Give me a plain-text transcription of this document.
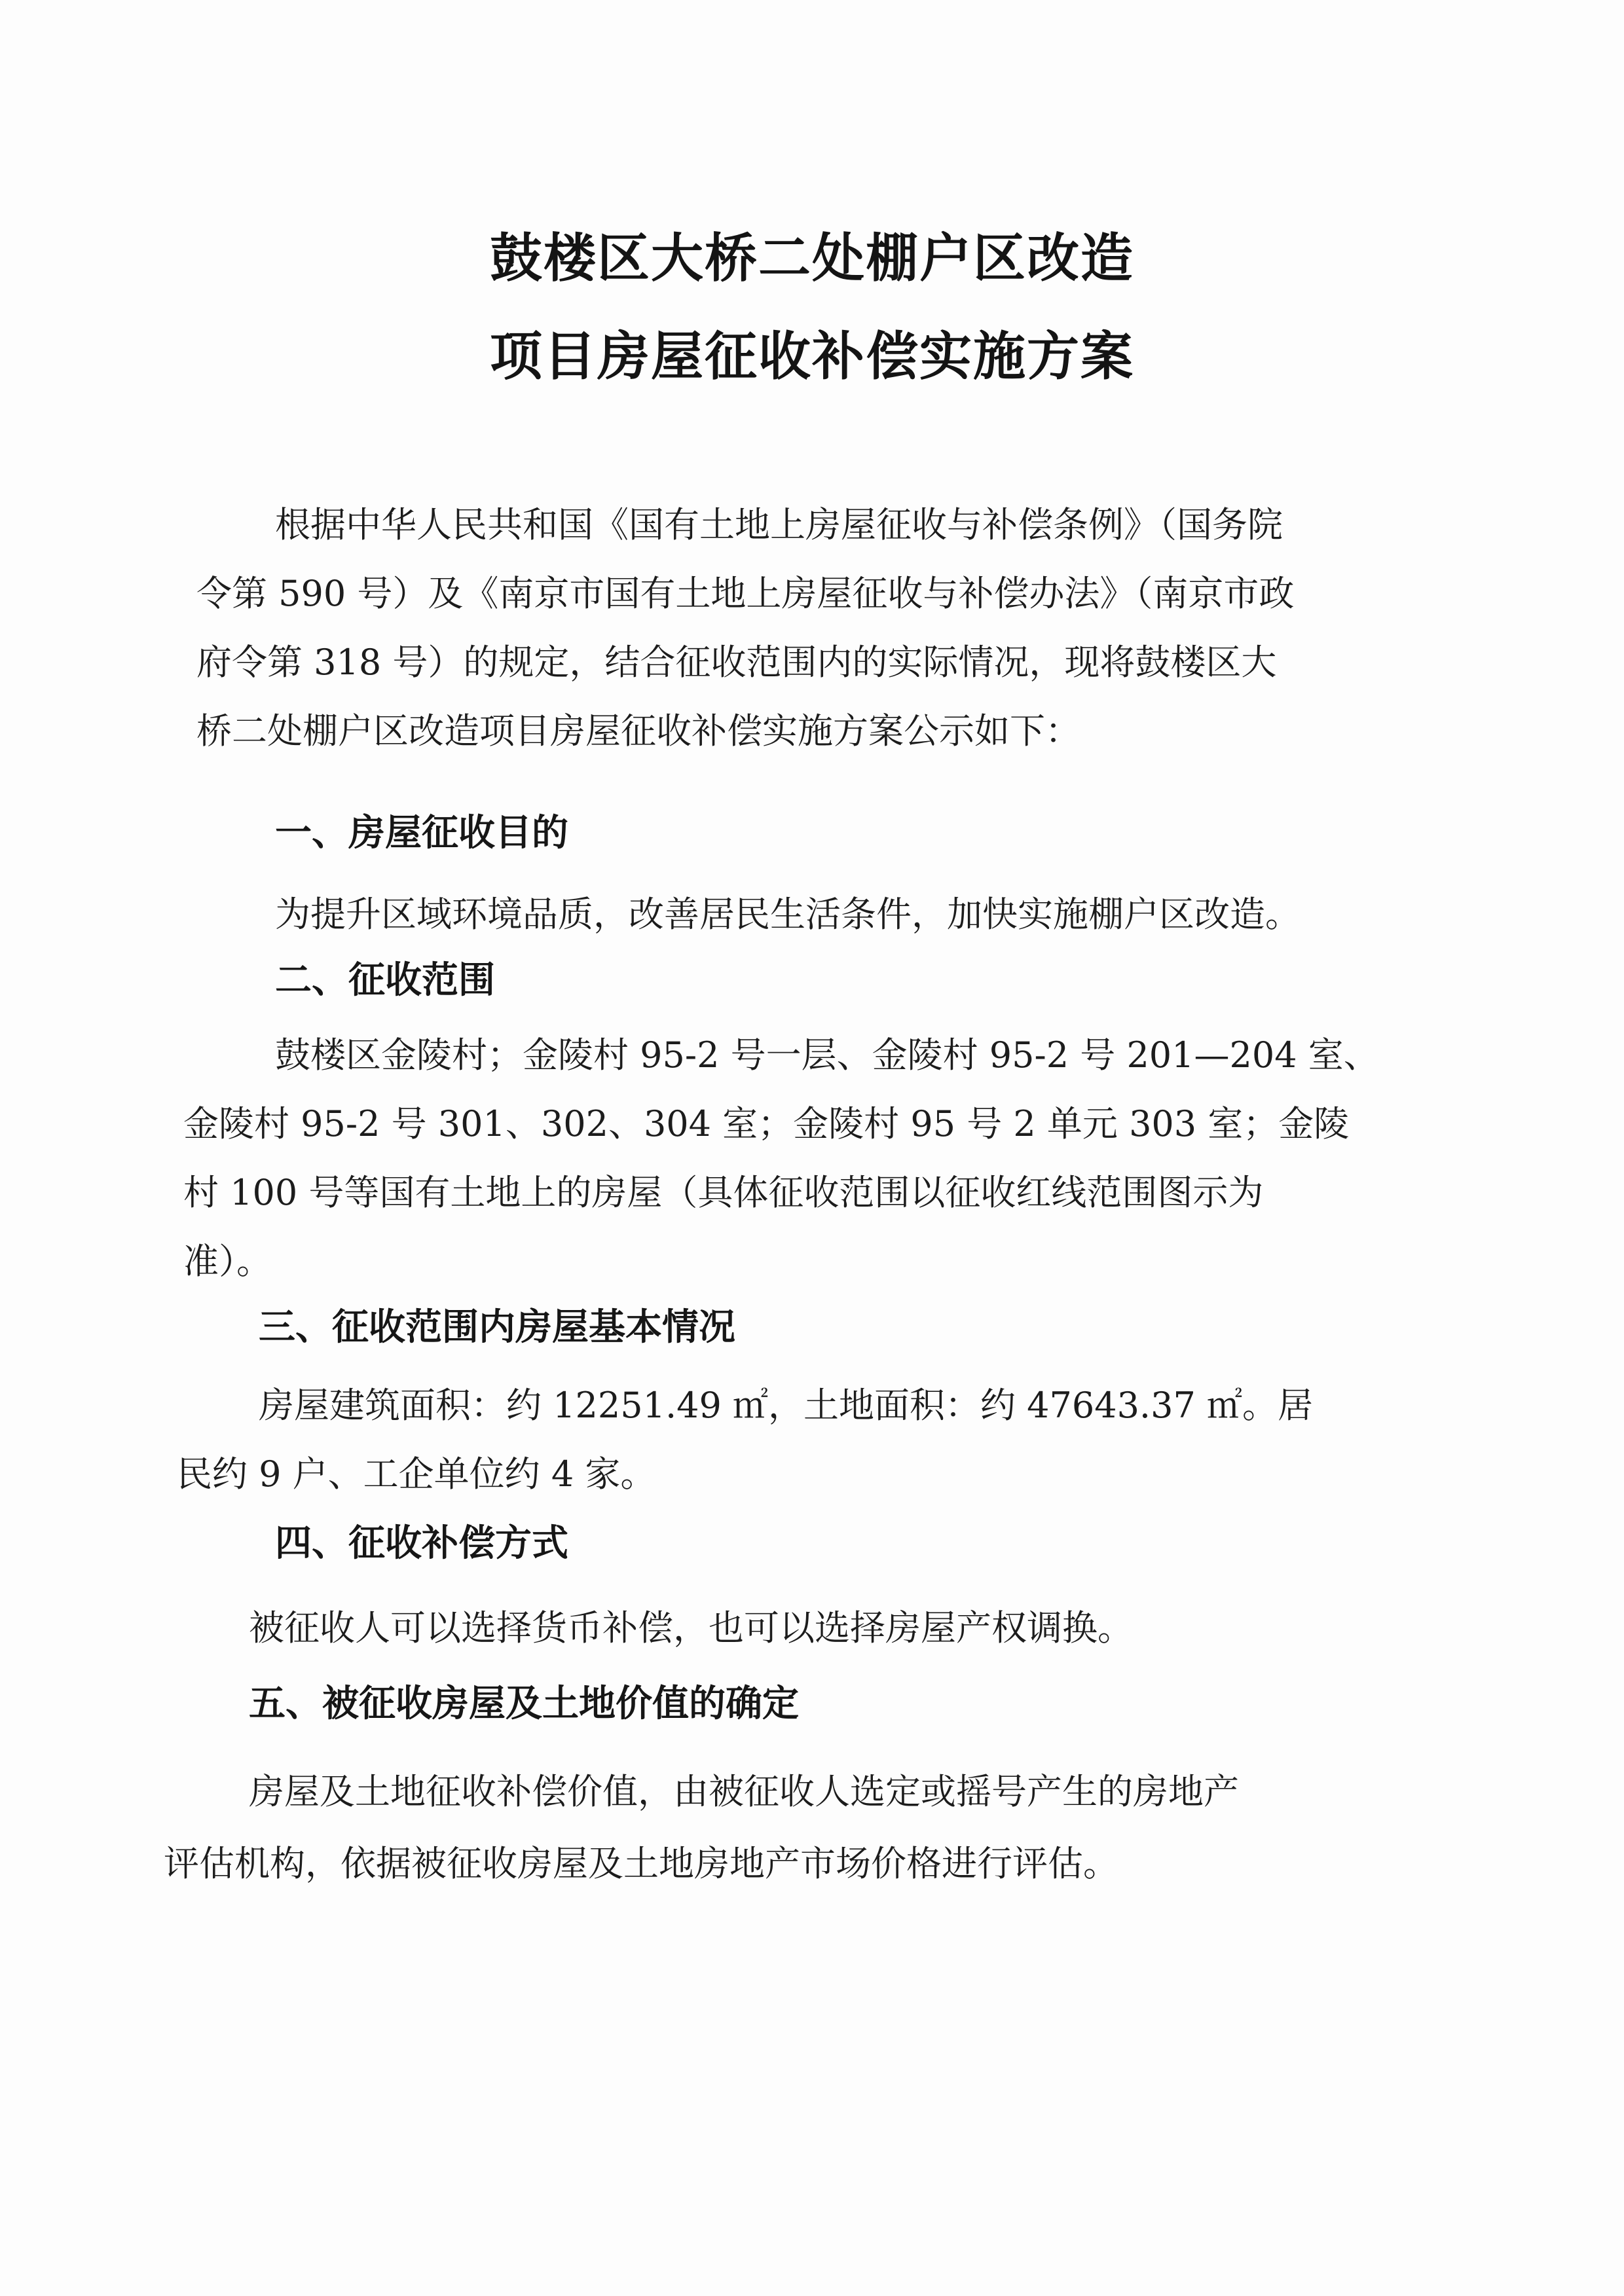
鼓楼区大桥二处棚户区改造
项目房屋征收补偿实施方案
根据中华人民共和国《国有土地上房屋征收与补偿条例》（国务院
令第 590 号）及《南京市国有土地上房屋征收与补偿办法》（南京市政
府令第 318 号）的规定，结合征收范围内的实际情况，现将鼓楼区大
桥二处棚户区改造项目房屋征收补偿实施方案公示如下：
一、房屋征收目的
为提升区域环境品质，改善居民生活条件，加快实施棚户区改造。
二、征收范围
鼓楼区金陵村；金陵村 95-2 号一层、金陵村 95-2 号 201—204 室、
金陵村 95-2 号 301、302、304 室；金陵村 95 号 2 单元 303 室；金陵
村 100 号等国有土地上的房屋（具体征收范围以征收红线范围图示为
准）。
三、征收范围内房屋基本情况
房屋建筑面积：约 12251.49 ㎡，土地面积：约 47643.37 ㎡。居
民约 9 户、工企单位约 4 家。
四、征收补偿方式
被征收人可以选择货币补偿，也可以选择房屋产权调换。
五、被征收房屋及土地价值的确定
房屋及土地征收补偿价值，由被征收人选定或摇号产生的房地产
评估机构，依据被征收房屋及土地房地产市场价格进行评估。
